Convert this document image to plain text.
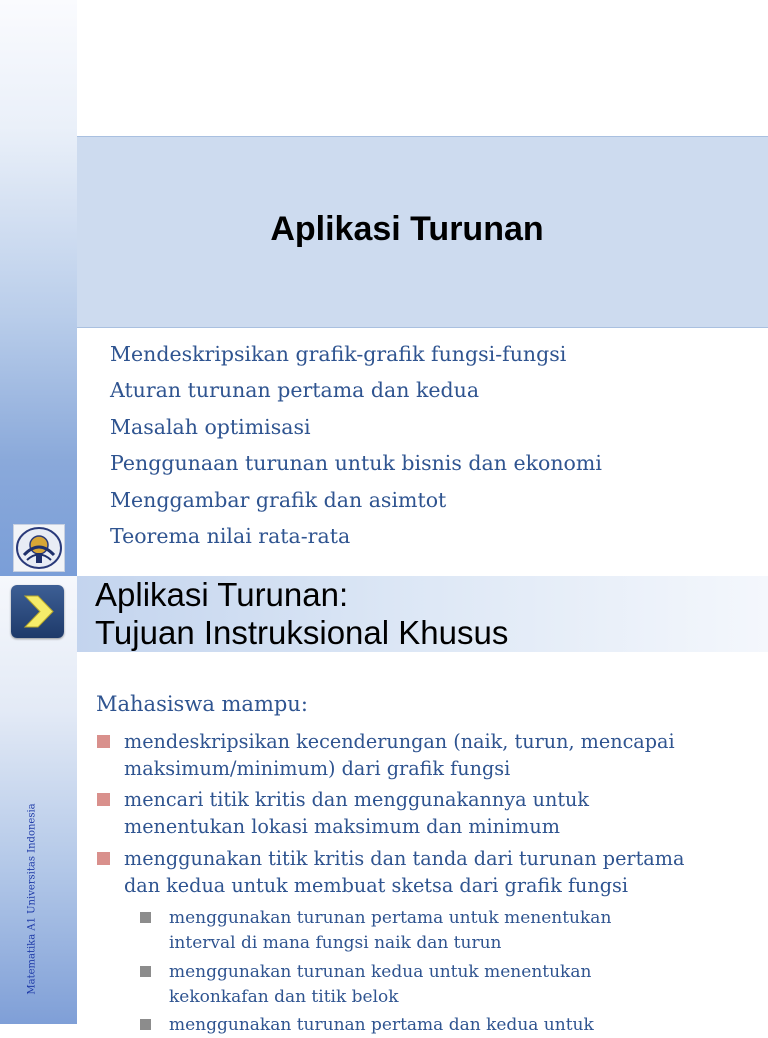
Aplikasi Turunan
Mendeskripsikan grafik-grafik fungsi-fungsi
Aturan turunan pertama dan kedua
Masalah optimisasi
Penggunaan turunan untuk bisnis dan ekonomi
Menggambar grafik dan asimtot
Teorema nilai rata-rata
Aplikasi Turunan:
Tujuan Instruksional Khusus
Mahasiswa mampu:
mendeskripsikan kecenderungan (naik, turun, mencapai
maksimum/minimum) dari grafik fungsi
mencari titik kritis dan menggunakannya untuk
menentukan lokasi maksimum dan minimum
menggunakan titik kritis dan tanda dari turunan pertama
dan kedua untuk membuat sketsa dari grafik fungsi
menggunakan turunan pertama untuk menentukan
interval di mana fungsi naik dan turun
menggunakan turunan kedua untuk menentukan
kekonkafan dan titik belok
menggunakan turunan pertama dan kedua untuk
Matematika A1 Universitas Indonesia
